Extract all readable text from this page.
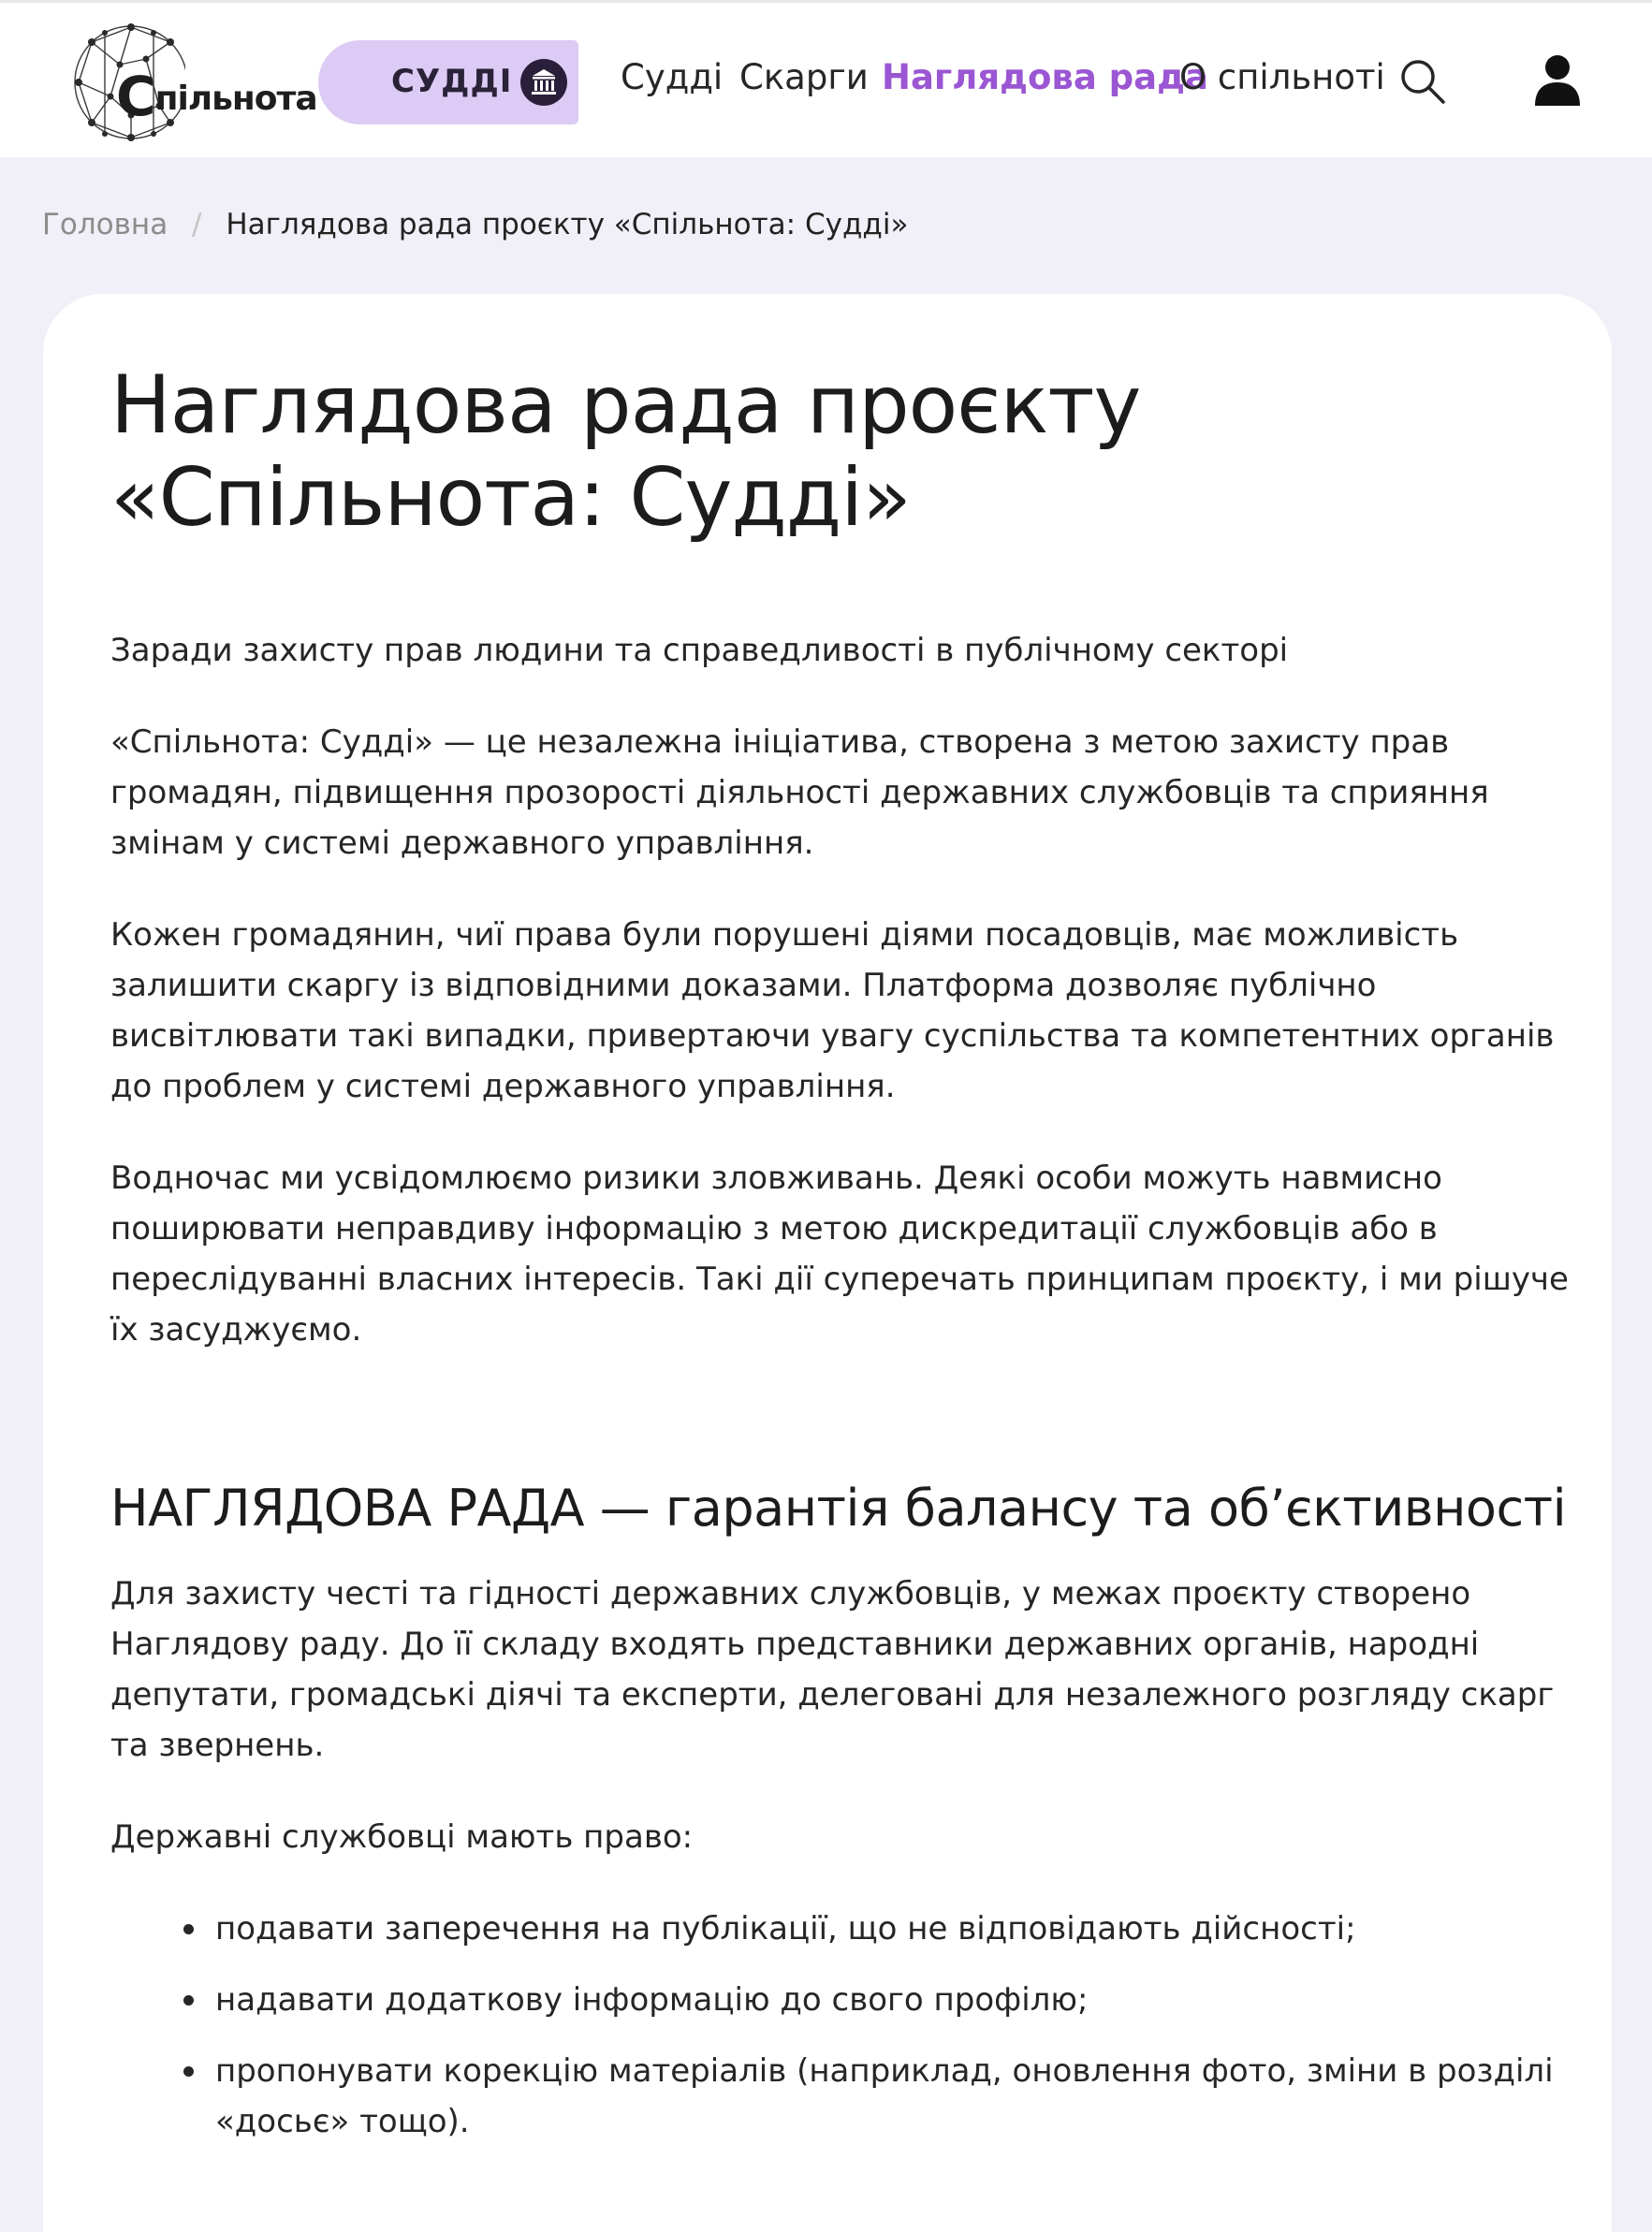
Спільнота СУДДІ	Судді Скарги Наглядова рада
О спільноті
Головна / Наглядова рада проєкту «Спільнота: Судді»
Наглядова рада проєкту
«Спільнота: Судді»

Заради захисту прав людини та справедливості в публічному секторі

«Спільнота: Судді» — це незалежна ініціатива, створена з метою захисту прав громадян, підвищення прозорості діяльності державних службовців та сприяння змінам у системі державного управління.

Кожен громадянин, чиї права були порушені діями посадовців, має можливість залишити скаргу із відповідними доказами. Платформа дозволяє публічно висвітлювати такі випадки, привертаючи увагу суспільства та компетентних органів до проблем у системі державного управління.

Водночас ми усвідомлюємо ризики зловживань. Деякі особи можуть навмисно поширювати неправдиву інформацію з метою дискредитації службовців або в переслідуванні власних інтересів. Такі дії суперечать принципам проєкту, і ми рішуче їх засуджуємо.

НАГЛЯДОВА РАДА — гарантія балансу та об’єктивності

Для захисту честі та гідності державних службовців, у межах проєкту створено Наглядову раду. До її складу входять представники державних органів, народні депутати, громадські діячі та експерти, делеговані для незалежного розгляду скарг та звернень.

Державні службовці мають право:

подавати заперечення на публікації, що не відповідають дійсності;
надавати додаткову інформацію до свого профілю;
пропонувати корекцію матеріалів (наприклад, оновлення фото, зміни в розділі «досьє» тощо).
